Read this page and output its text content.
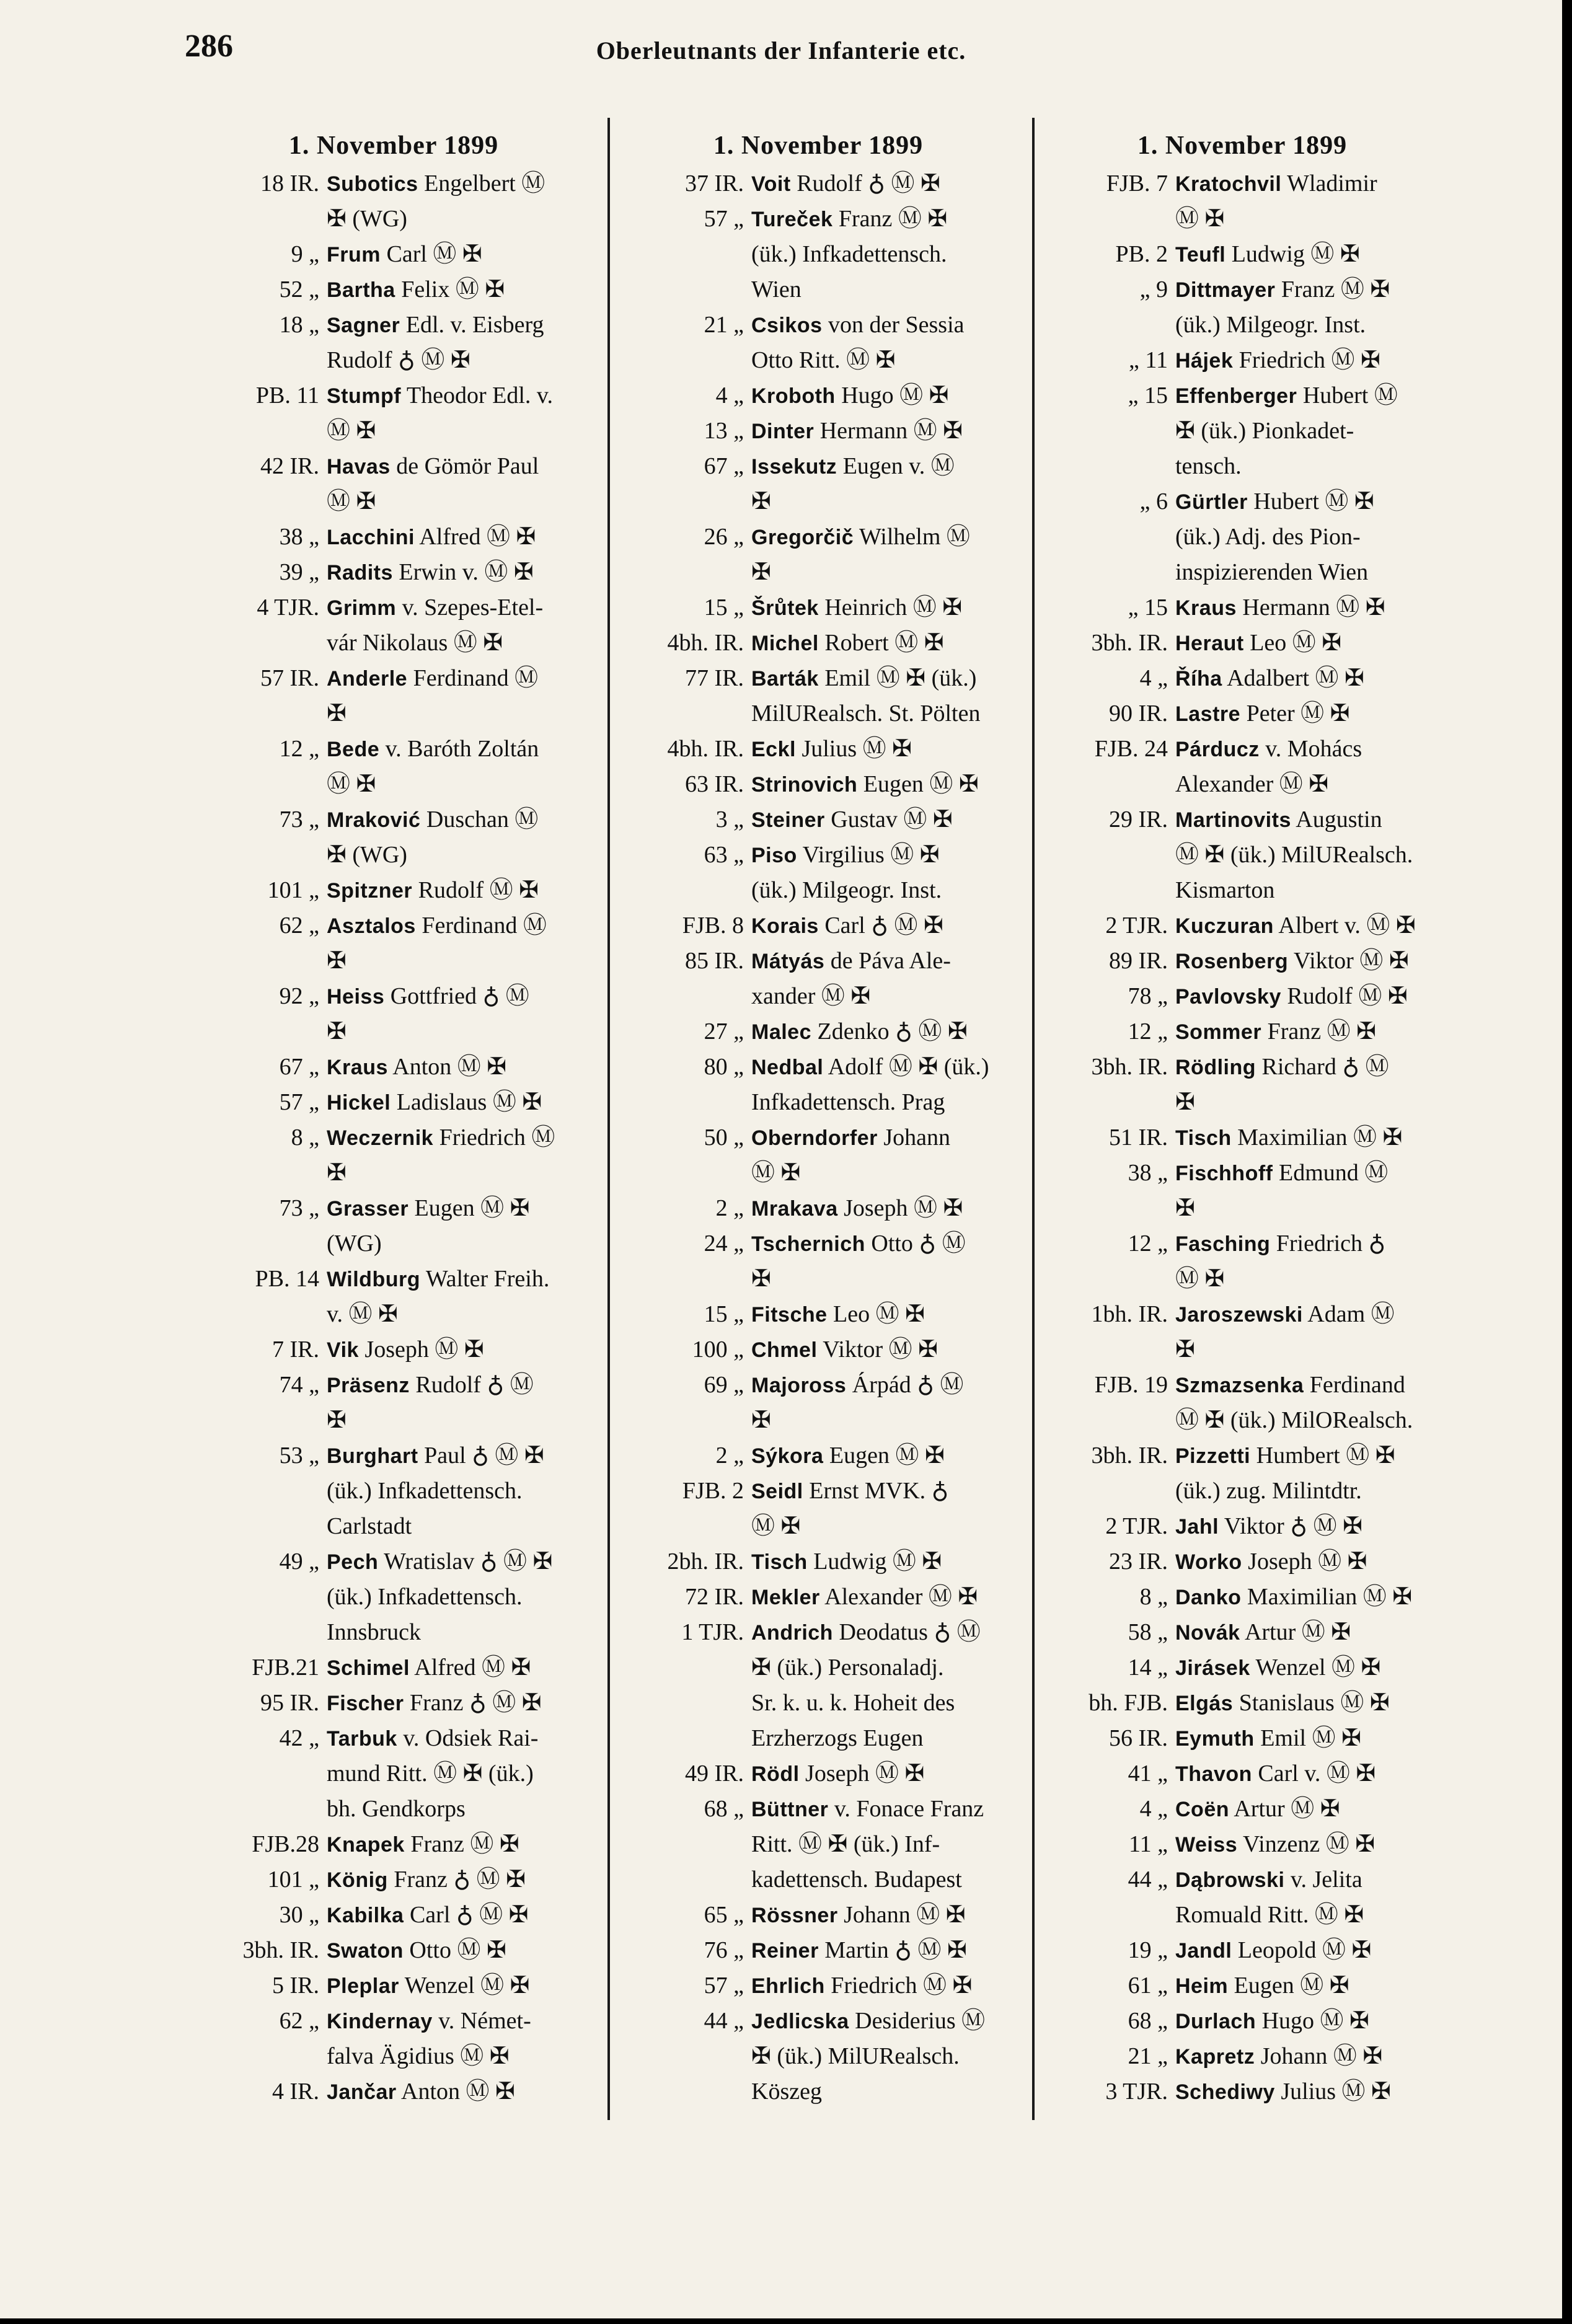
286	Oberleutnants der Infanterie etc.
1. November 1899
18 IR. Subotics Engelbert Ⓜ
✠ (WG)
9 „ Frum Carl Ⓜ ✠
52 „ Bartha Felix Ⓜ ✠
18 „ Sagner Edl. v. Eisberg
Rudolf ♁ Ⓜ ✠
PB. 11 Stumpf Theodor Edl. v.
Ⓜ ✠
42 IR. Havas de Gömör Paul
Ⓜ ✠
38 „ Lacchini Alfred Ⓜ ✠
39 „ Radits Erwin v. Ⓜ ✠
4 TJR. Grimm v. Szepes-Etel-
vár Nikolaus Ⓜ ✠
57 IR. Anderle Ferdinand Ⓜ
✠
12 „ Bede v. Baróth Zoltán
Ⓜ ✠
73 „ Mraković Duschan Ⓜ
✠ (WG)
101 „ Spitzner Rudolf Ⓜ ✠
62 „ Asztalos Ferdinand Ⓜ
✠
92 „ Heiss Gottfried ♁ Ⓜ
✠
67 „ Kraus Anton Ⓜ ✠
57 „ Hickel Ladislaus Ⓜ ✠
8 „ Weczernik Friedrich Ⓜ
✠
73 „ Grasser Eugen Ⓜ ✠
(WG)
PB. 14 Wildburg Walter Freih.
v. Ⓜ ✠
7 IR. Vik Joseph Ⓜ ✠
74 „ Präsenz Rudolf ♁ Ⓜ
✠
53 „ Burghart Paul ♁ Ⓜ ✠
(ük.) Infkadettensch.
Carlstadt
49 „ Pech Wratislav ♁ Ⓜ ✠
(ük.) Infkadettensch.
Innsbruck
FJB.21 Schimel Alfred Ⓜ ✠
95 IR. Fischer Franz ♁ Ⓜ ✠
42 „ Tarbuk v. Odsiek Rai-
mund Ritt. Ⓜ ✠ (ük.)
bh. Gendkorps
FJB.28 Knapek Franz Ⓜ ✠
101 „ König Franz ♁ Ⓜ ✠
30 „ Kabilka Carl ♁ Ⓜ ✠
3bh. IR. Swaton Otto Ⓜ ✠
5 IR. Pleplar Wenzel Ⓜ ✠
62 „ Kindernay v. Német-
falva Ägidius Ⓜ ✠
4 IR. Jančar Anton Ⓜ ✠
1. November 1899
37 IR. Voit Rudolf ♁ Ⓜ ✠
57 „ Tureček Franz Ⓜ ✠
(ük.) Infkadettensch.
Wien
21 „ Csikos von der Sessia
Otto Ritt. Ⓜ ✠
4 „ Kroboth Hugo Ⓜ ✠
13 „ Dinter Hermann Ⓜ ✠
67 „ Issekutz Eugen v. Ⓜ
✠
26 „ Gregorčič Wilhelm Ⓜ
✠
15 „ Šrůtek Heinrich Ⓜ ✠
4bh. IR. Michel Robert Ⓜ ✠
77 IR. Barták Emil Ⓜ ✠ (ük.)
MilURealsch. St. Pölten
4bh. IR. Eckl Julius Ⓜ ✠
63 IR. Strinovich Eugen Ⓜ ✠
3 „ Steiner Gustav Ⓜ ✠
63 „ Piso Virgilius Ⓜ ✠
(ük.) Milgeogr. Inst.
FJB. 8 Korais Carl ♁ Ⓜ ✠
85 IR. Mátyás de Páva Ale-
xander Ⓜ ✠
27 „ Malec Zdenko ♁ Ⓜ ✠
80 „ Nedbal Adolf Ⓜ ✠ (ük.)
Infkadettensch. Prag
50 „ Oberndorfer Johann
Ⓜ ✠
2 „ Mrakava Joseph Ⓜ ✠
24 „ Tschernich Otto ♁ Ⓜ
✠
15 „ Fitsche Leo Ⓜ ✠
100 „ Chmel Viktor Ⓜ ✠
69 „ Majoross Árpád ♁ Ⓜ
✠
2 „ Sýkora Eugen Ⓜ ✠
FJB. 2 Seidl Ernst MVK. ♁
Ⓜ ✠
2bh. IR. Tisch Ludwig Ⓜ ✠
72 IR. Mekler Alexander Ⓜ ✠
1 TJR. Andrich Deodatus ♁ Ⓜ
✠ (ük.) Personaladj.
Sr. k. u. k. Hoheit des
Erzherzogs Eugen
49 IR. Rödl Joseph Ⓜ ✠
68 „ Büttner v. Fonace Franz
Ritt. Ⓜ ✠ (ük.) Inf-
kadettensch. Budapest
65 „ Rössner Johann Ⓜ ✠
76 „ Reiner Martin ♁ Ⓜ ✠
57 „ Ehrlich Friedrich Ⓜ ✠
44 „ Jedlicska Desiderius Ⓜ
✠ (ük.) MilURealsch.
Köszeg
1. November 1899
FJB. 7 Kratochvil Wladimir
Ⓜ ✠
PB. 2 Teufl Ludwig Ⓜ ✠
„ 9 Dittmayer Franz Ⓜ ✠
(ük.) Milgeogr. Inst.
„ 11 Hájek Friedrich Ⓜ ✠
„ 15 Effenberger Hubert Ⓜ
✠ (ük.) Pionkadet-
tensch.
„ 6 Gürtler Hubert Ⓜ ✠
(ük.) Adj. des Pion-
inspizierenden Wien
„ 15 Kraus Hermann Ⓜ ✠
3bh. IR. Heraut Leo Ⓜ ✠
4 „ Říha Adalbert Ⓜ ✠
90 IR. Lastre Peter Ⓜ ✠
FJB. 24 Párducz v. Mohács
Alexander Ⓜ ✠
29 IR. Martinovits Augustin
Ⓜ ✠ (ük.) MilURealsch.
Kismarton
2 TJR. Kuczuran Albert v. Ⓜ ✠
89 IR. Rosenberg Viktor Ⓜ ✠
78 „ Pavlovsky Rudolf Ⓜ ✠
12 „ Sommer Franz Ⓜ ✠
3bh. IR. Rödling Richard ♁ Ⓜ
✠
51 IR. Tisch Maximilian Ⓜ ✠
38 „ Fischhoff Edmund Ⓜ
✠
12 „ Fasching Friedrich ♁
Ⓜ ✠
1bh. IR. Jaroszewski Adam Ⓜ
✠
FJB. 19 Szmazsenka Ferdinand
Ⓜ ✠ (ük.) MilORealsch.
3bh. IR. Pizzetti Humbert Ⓜ ✠
(ük.) zug. Milintdtr.
2 TJR. Jahl Viktor ♁ Ⓜ ✠
23 IR. Worko Joseph Ⓜ ✠
8 „ Danko Maximilian Ⓜ ✠
58 „ Novák Artur Ⓜ ✠
14 „ Jirásek Wenzel Ⓜ ✠
bh. FJB. Elgás Stanislaus Ⓜ ✠
56 IR. Eymuth Emil Ⓜ ✠
41 „ Thavon Carl v. Ⓜ ✠
4 „ Coën Artur Ⓜ ✠
11 „ Weiss Vinzenz Ⓜ ✠
44 „ Dąbrowski v. Jelita
Romuald Ritt. Ⓜ ✠
19 „ Jandl Leopold Ⓜ ✠
61 „ Heim Eugen Ⓜ ✠
68 „ Durlach Hugo Ⓜ ✠
21 „ Kapretz Johann Ⓜ ✠
3 TJR. Schediwy Julius Ⓜ ✠
